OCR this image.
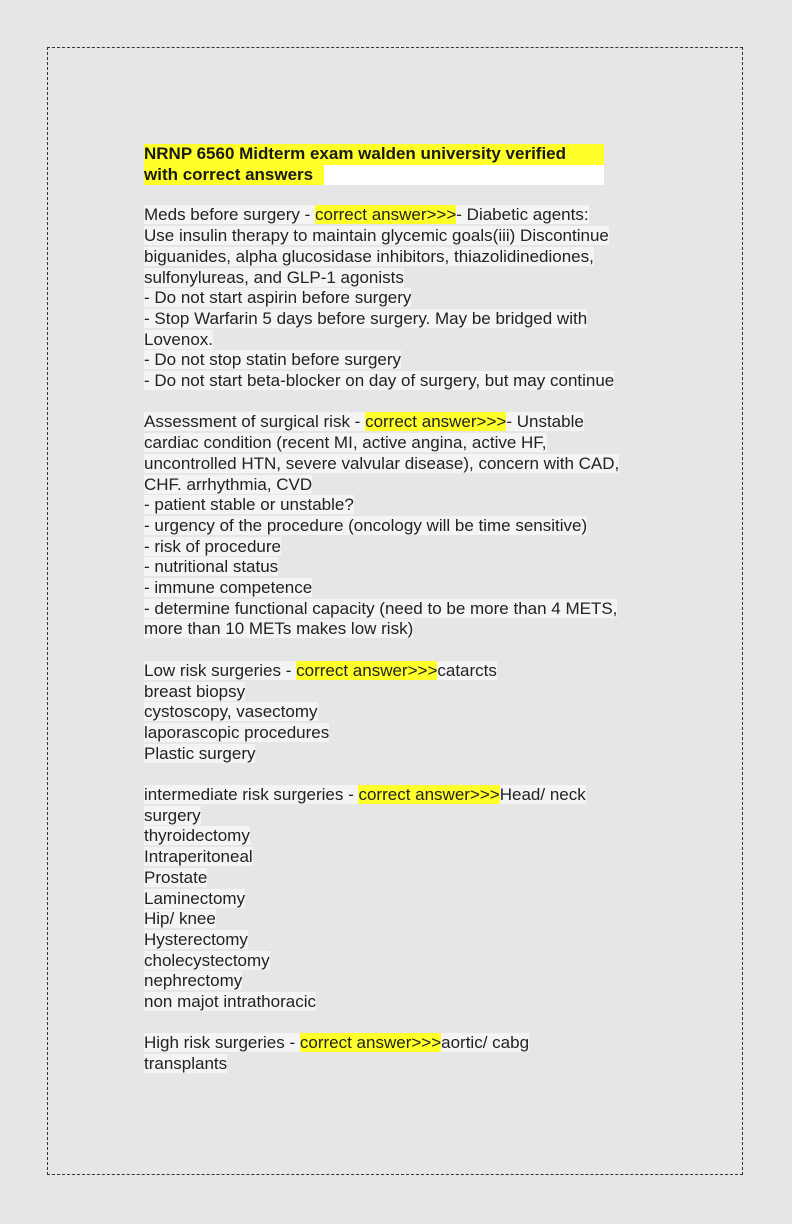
NRNP 6560 Midterm exam walden university verified
with correct answers
Meds before surgery - correct answer>>>- Diabetic agents:
Use insulin therapy to maintain glycemic goals(iii) Discontinue
biguanides, alpha glucosidase inhibitors, thiazolidinediones,
sulfonylureas, and GLP-1 agonists
- Do not start aspirin before surgery
- Stop Warfarin 5 days before surgery. May be bridged with
Lovenox.
- Do not stop statin before surgery
- Do not start beta-blocker on day of surgery, but may continue
Assessment of surgical risk - correct answer>>>- Unstable
cardiac condition (recent MI, active angina, active HF,
uncontrolled HTN, severe valvular disease), concern with CAD,
CHF. arrhythmia, CVD
- patient stable or unstable?
- urgency of the procedure (oncology will be time sensitive)
- risk of procedure
- nutritional status
- immune competence
- determine functional capacity (need to be more than 4 METS,
more than 10 METs makes low risk)
Low risk surgeries - correct answer>>>catarcts
breast biopsy
cystoscopy, vasectomy
laporascopic procedures
Plastic surgery
intermediate risk surgeries - correct answer>>>Head/ neck
surgery
thyroidectomy
Intraperitoneal
Prostate
Laminectomy
Hip/ knee
Hysterectomy
cholecystectomy
nephrectomy
non majot intrathoracic
High risk surgeries - correct answer>>>aortic/ cabg
transplants
